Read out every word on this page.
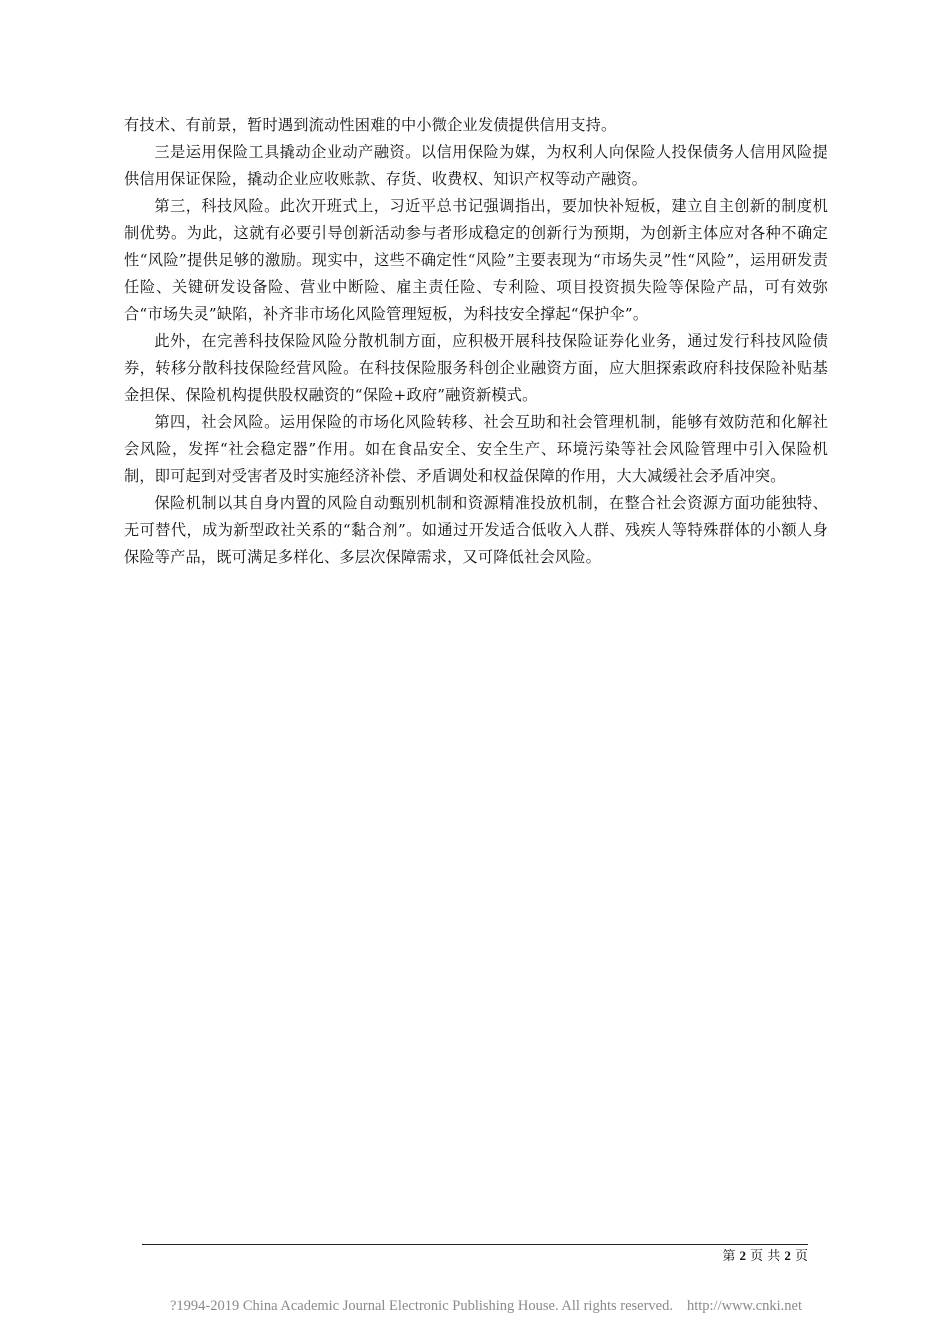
有技术、有前景，暂时遇到流动性困难的中小微企业发债提供信用支持。

三是运用保险工具撬动企业动产融资。以信用保险为媒，为权利人向保险人投保债务人信用风险提供信用保证保险，撬动企业应收账款、存货、收费权、知识产权等动产融资。

第三，科技风险。此次开班式上，习近平总书记强调指出，要加快补短板，建立自主创新的制度机制优势。为此，这就有必要引导创新活动参与者形成稳定的创新行为预期，为创新主体应对各种不确定性“风险”提供足够的激励。现实中，这些不确定性“风险”主要表现为“市场失灵”性“风险”，运用研发责任险、关键研发设备险、营业中断险、雇主责任险、专利险、项目投资损失险等保险产品，可有效弥合“市场失灵”缺陷，补齐非市场化风险管理短板，为科技安全撑起“保护伞”。

此外，在完善科技保险风险分散机制方面，应积极开展科技保险证券化业务，通过发行科技风险债券，转移分散科技保险经营风险。在科技保险服务科创企业融资方面，应大胆探索政府科技保险补贴基金担保、保险机构提供股权融资的“保险+政府”融资新模式。

第四，社会风险。运用保险的市场化风险转移、社会互助和社会管理机制，能够有效防范和化解社会风险，发挥“社会稳定器”作用。如在食品安全、安全生产、环境污染等社会风险管理中引入保险机制，即可起到对受害者及时实施经济补偿、矛盾调处和权益保障的作用，大大减缓社会矛盾冲突。

保险机制以其自身内置的风险自动甄别机制和资源精准投放机制，在整合社会资源方面功能独特、无可替代，成为新型政社关系的“黏合剂”。如通过开发适合低收入人群、残疾人等特殊群体的小额人身保险等产品，既可满足多样化、多层次保障需求，又可降低社会风险。

第 2 页 共 2 页
?1994-2019 China Academic Journal Electronic Publishing House. All rights reserved. http://www.cnki.net
